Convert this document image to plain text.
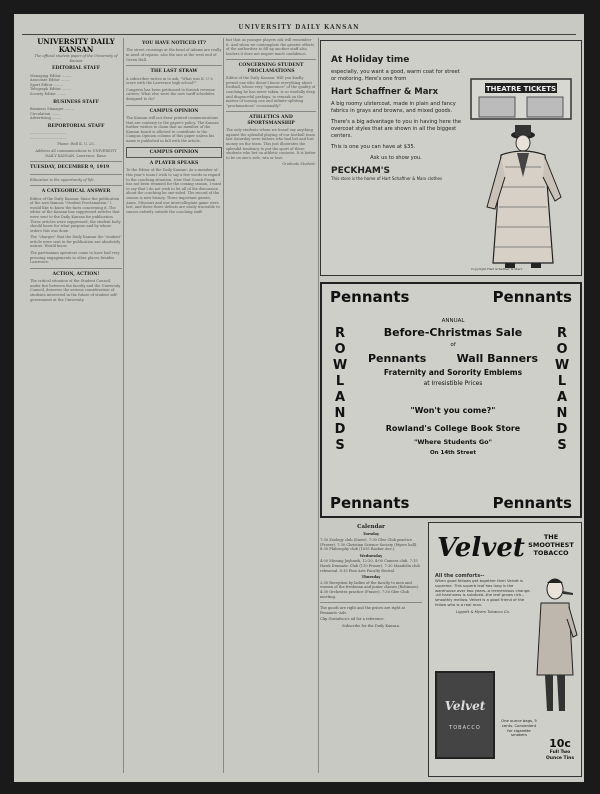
UNIVERSITY DAILY KANSAN
UNIVERSITY DAILY KANSAN
The official student paper of the University of Kansas
EDITORIAL STAFF
Managing Editor ........
Associate Editor ........
Sport Editor ........
Telegraph Editor ........
Society Editor ........
BUSINESS STAFF
Business Manager ........
Circulation ........
Advertising ........
REPORTORIAL STAFF
................................
................................
Phone: Bell K. U. 25.
Address all communications to UNIVERSITY DAILY KANSAN, Lawrence, Kans.
TUESDAY, DECEMBER 9, 1919
Education is the opportunity of life.
A CATEGORICAL ANSWER
Editor of the Daily Kansan: Since the publication of the now-famous "Student Proclamation," I would like to know the facts concerning it. The editor of the Kansan has suppressed articles that were sent to the Daily Kansan for publication. These articles were suppressed, the student body should know for what purpose and by whose orders this was done.
The "charges" that the Daily Kansan the "student" article were sent in for publication are absolutely untrue. Would know.
The partisanian operators came to have had very pressing engagements in other places besides Lawrence.
ACTION, ACTION!
The critical situation of the Student Council, under fire between the faculty and the University Council, deserves the serious consideration of students interested in the future of student self-government at the University.
YOU HAVE NOTICED IT?
The street crossings at the head of Adams are really in need of repairs, also the one at the west end of Green Hall.
THE LAST STRAW
A subscriber writes in to ask, "What was K. U.'s score with the Lawrence high school?"
Congress has been petitioned to furnish revenue cutters. What else were the new tariff schedules designed to do?
CAMPUS OPINION
The Kansan will not draw printed communications that are contrary to the paper's policy. The Kansan further wishes to claim that no member of the Kansan board is allowed to contribute to the Campus Opinion column of this paper unless his name is published in full with the article.
CAMPUS OPINION
A PLAYER SPEAKS
To the Editor of the Daily Kansan: As a member of this year's team I wish to say a few words in regard to the coaching situation. Now that Coach Frank has not been retained for the coming season, I want to say that I do not wish to let all of the discussion about the coaching be one-sided. The record of the season is now history. Three important games, Ames, Missouri and one intercollegiate game were lost, and these three defeats are easily traceable to causes entirely outside the coaching staff.
but that as younger players ask will remember it. And when we contemplate the greater efforts of the authorities to fill up another staff also leaders it does not inspire much confidence.
CONCERNING STUDENT PROCLAMATIONS
Editor of the Daily Kansan: Will you kindly permit one who doesn't know everything about football, whose very "ignorance" of the quality of coaching he has never taken, is so woefully deep and disgraceful perhaps, to remark on the matter of tossing one and infinite-splitting "proclamations" occasionally?
ATHLETICS AND SPORTSMANSHIP
The only students whom we heard say anything against the splendid playing of our football team last Saturday were fathers who had bet and lost money on the team. This just illustrates the splendid tendency to put the sport of these students who bet on athletic contests. It is better to be on one's side, win or lose.
Graduate Student.
At Holiday time
especially, you want a good, warm coat for street or motoring. Here's one from
Hart Schaffner & Marx
A big roomy ulstercoat, made in plain and fancy fabrics in grays and browns, and mixed goods.
There's a big advantage to you in having here the overcoat styles that are shown in all the biggest centers.
This is one you can have at $35.
Ask us to show you.
PECKHAM'S
This store is the home of Hart Schaffner & Marx clothes
THEATRE TICKETS
Copyright Hart Schaffner & Marx
Pennants	Pennants
Pennants	Pennants
R
O
W
L
A
N
D
S
R
O
W
L
A
N
D
S
ANNUAL
Before-Christmas Sale
of
Pennants	Wall Banners
Fraternity and Sorority Emblems
at Irresistible Prices
"Won't you come?"
Rowland's College Book Store
"Where Students Go"
On 14th Street
Calendar
Tuesday
7:30 Zoology club (Snow). 7:30 Glee Club practice (Fraser). 7:30 Christian Science Society (Myers hall). 8:30 Philosophy club (1035 Rackor Ave.).
Wednesday
4:00 Missing Jayhawk, 12:20. 4:00 Camera club. 7:15 Hawk Dramatic Club (110 Fraser). 7:30 Mandolin club rehearsal. 8:15 Fine Arts Faculty Recital.
Thursday
2:30 Reception by ladies of the faculty to men and women of the freshman and junior classes (Robinson). 4:30 Orchestra practice (Fraser). 7:30 Glee Club meeting.
The goods are right and the prices are right at Pennants--Adv.
Clip Gustafson's ad for a reference.
Subscribe for the Daily Kansan.
Velvet	THE
SMOOTHEST
TOBACCO
All the comforts--
When good fellows get together then Velvet is supreme. This superb leaf has long is the warehouse over two years--a tremendous change--all harshness is subdued--the leaf grows rich--smoothly mellow. Velvet is a good friend of the fellow who is a real man.
Liggett & Myers Tobacco Co.
Velvet
TOBACCO
One ounce bags, 5 cents. Convenient for cigarette smokers
10c
Full Two Ounce Tins
